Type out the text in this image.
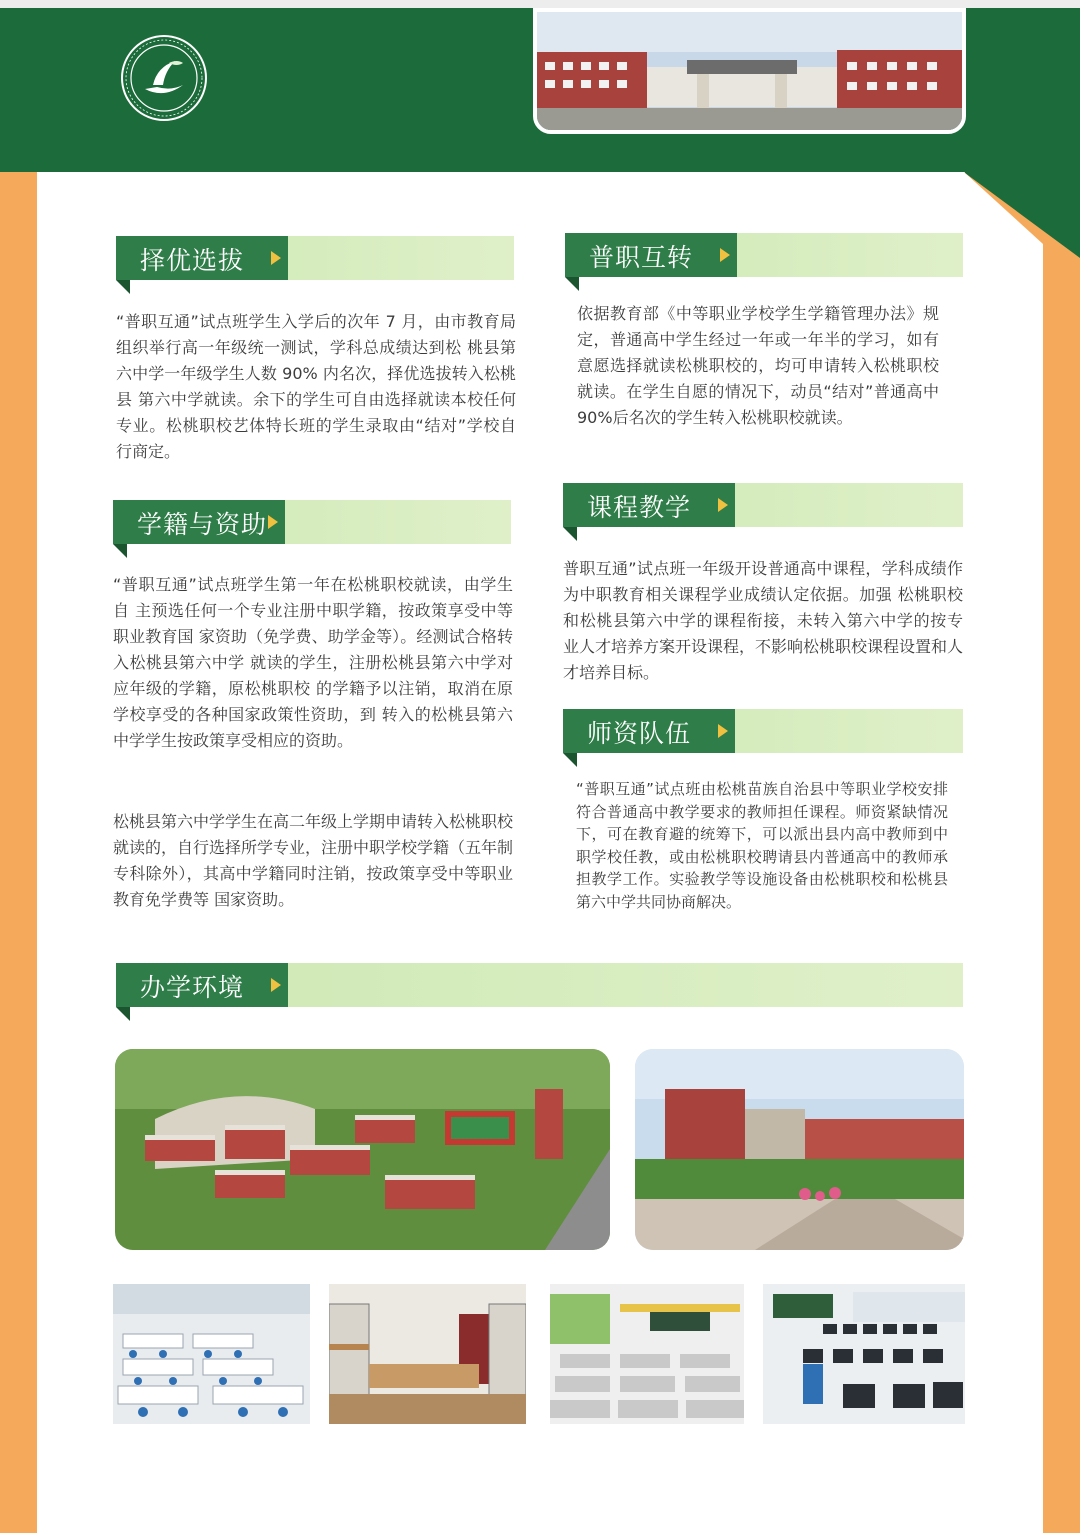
择优选拔
“普职互通”试点班学生入学后的次年 7 月，由市教育局组织举行高一年级统一测试，学科总成绩达到松 桃县第六中学一年级学生人数 90% 内名次，择优选拔转入松桃县 第六中学就读。余下的学生可自由选择就读本校任何专业。松桃职校艺体特长班的学生录取由“结对”学校自行商定。
普职互转
依据教育部《中等职业学校学生学籍管理办法》规定，普通高中学生经过一年或一年半的学习，如有意愿选择就读松桃职校的，均可申请转入松桃职校就读。在学生自愿的情况下，动员“结对”普通高中90%后名次的学生转入松桃职校就读。
学籍与资助
“普职互通”试点班学生第一年在松桃职校就读，由学生自 主预选任何一个专业注册中职学籍，按政策享受中等职业教育国 家资助（免学费、助学金等）。经测试合格转入松桃县第六中学 就读的学生，注册松桃县第六中学对应年级的学籍，原松桃职校 的学籍予以注销，取消在原学校享受的各种国家政策性资助，到 转入的松桃县第六中学学生按政策享受相应的资助。
松桃县第六中学学生在高二年级上学期申请转入松桃职校 就读的，自行选择所学专业，注册中职学校学籍（五年制专科除外），其高中学籍同时注销，按政策享受中等职业教育免学费等 国家资助。
课程教学
普职互通”试点班一年级开设普通高中课程，学科成绩作为中职教育相关课程学业成绩认定依据。加强 松桃职校和松桃县第六中学的课程衔接，未转入第六中学的按专 业人才培养方案开设课程，不影响松桃职校课程设置和人才培养目标。
师资队伍
“普职互通”试点班由松桃苗族自治县中等职业学校安排符合普通高中教学要求的教师担任课程。师资紧缺情况下，可在教育避的统筹下，可以派出县内高中教师到中职学校任教，或由松桃职校聘请县内普通高中的教师承担教学工作。实验教学等设施设备由松桃职校和松桃县第六中学共同协商解决。
办学环境
